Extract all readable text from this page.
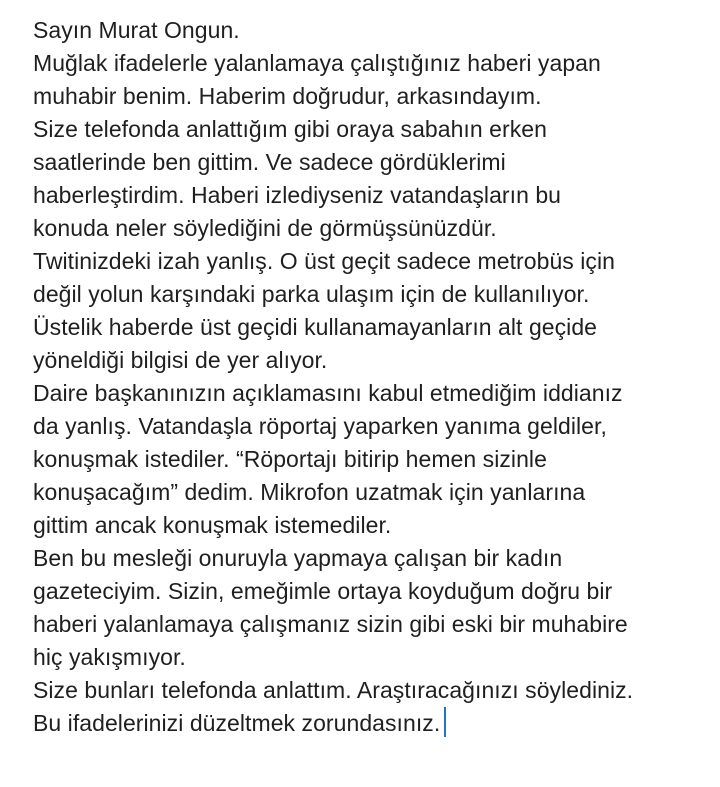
Sayın Murat Ongun.
Muğlak ifadelerle yalanlamaya çalıştığınız haberi yapan
muhabir benim. Haberim doğrudur, arkasındayım.
Size telefonda anlattığım gibi oraya sabahın erken
saatlerinde ben gittim. Ve sadece gördüklerimi
haberleştirdim. Haberi izlediyseniz vatandaşların bu
konuda neler söylediğini de görmüşsünüzdür.
Twitinizdeki izah yanlış. O üst geçit sadece metrobüs için
değil yolun karşındaki parka ulaşım için de kullanılıyor.
Üstelik haberde üst geçidi kullanamayanların alt geçide
yöneldiği bilgisi de yer alıyor.
Daire başkanınızın açıklamasını kabul etmediğim iddianız
da yanlış. Vatandaşla röportaj yaparken yanıma geldiler,
konuşmak istediler. “Röportajı bitirip hemen sizinle
konuşacağım” dedim. Mikrofon uzatmak için yanlarına
gittim ancak konuşmak istemediler.
Ben bu mesleği onuruyla yapmaya çalışan bir kadın
gazeteciyim. Sizin, emeğimle ortaya koyduğum doğru bir
haberi yalanlamaya çalışmanız sizin gibi eski bir muhabire
hiç yakışmıyor.
Size bunları telefonda anlattım. Araştıracağınızı söylediniz.
Bu ifadelerinizi düzeltmek zorundasınız.
